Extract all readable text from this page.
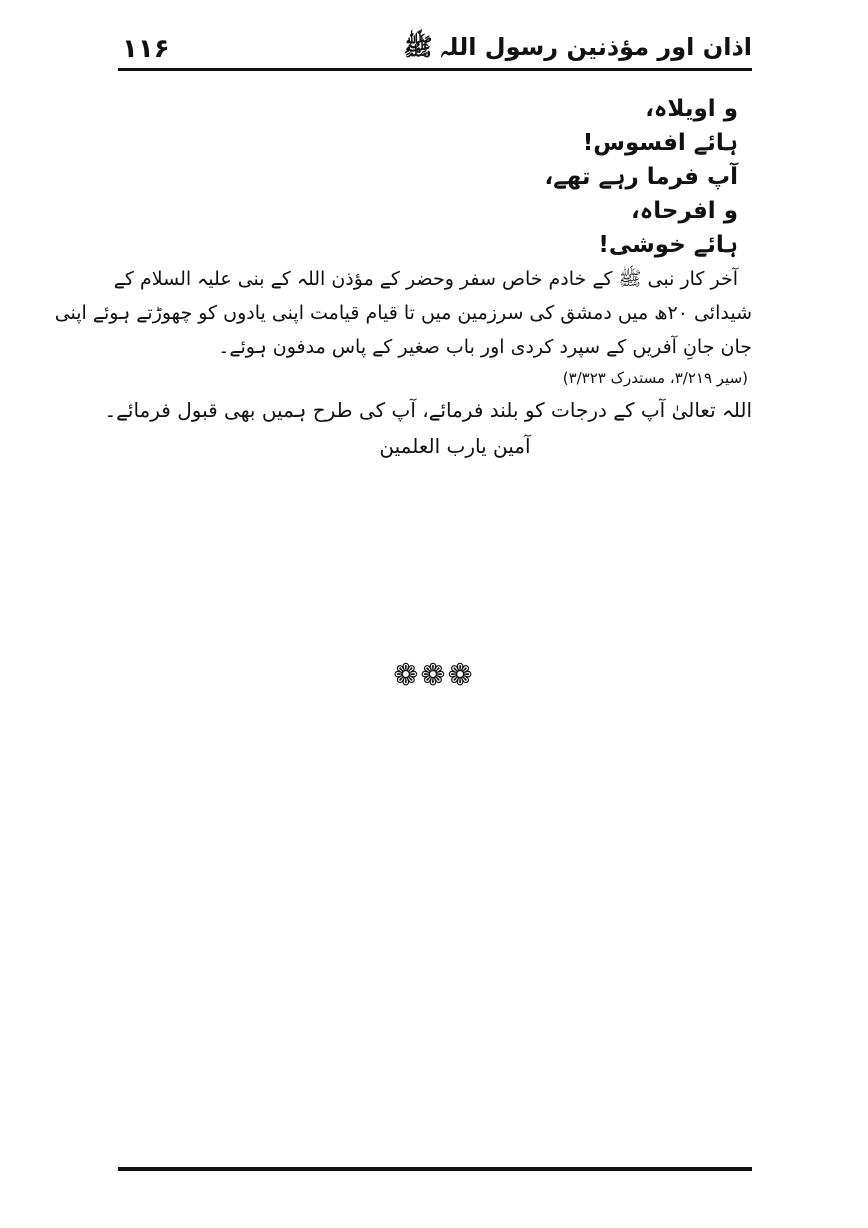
۱۱۶	اذان اور مؤذنین رسول اللہ ﷺ
و اویلاہ،
ہائے افسوس!
آپ فرما رہے تھے،
و افرحاہ،
ہائے خوشی!
آخر کار نبی ﷺ کے خادم خاص سفر وحضر کے مؤذن اللہ کے بنی علیہ السلام کے
شیدائی ۲۰ھ میں دمشق کی سرزمین میں تا قیام قیامت اپنی یادوں کو چھوڑتے ہوئے اپنی
جان جانِ آفریں کے سپرد کردی اور باب صغیر کے پاس مدفون ہوئے۔
(سیر ۳/۲۱۹، مستدرک ۳/۳۲۳)
اللہ تعالیٰ آپ کے درجات کو بلند فرمائے، آپ کی طرح ہمیں بھی قبول فرمائے۔
آمین یارب العلمین
❁❁❁
